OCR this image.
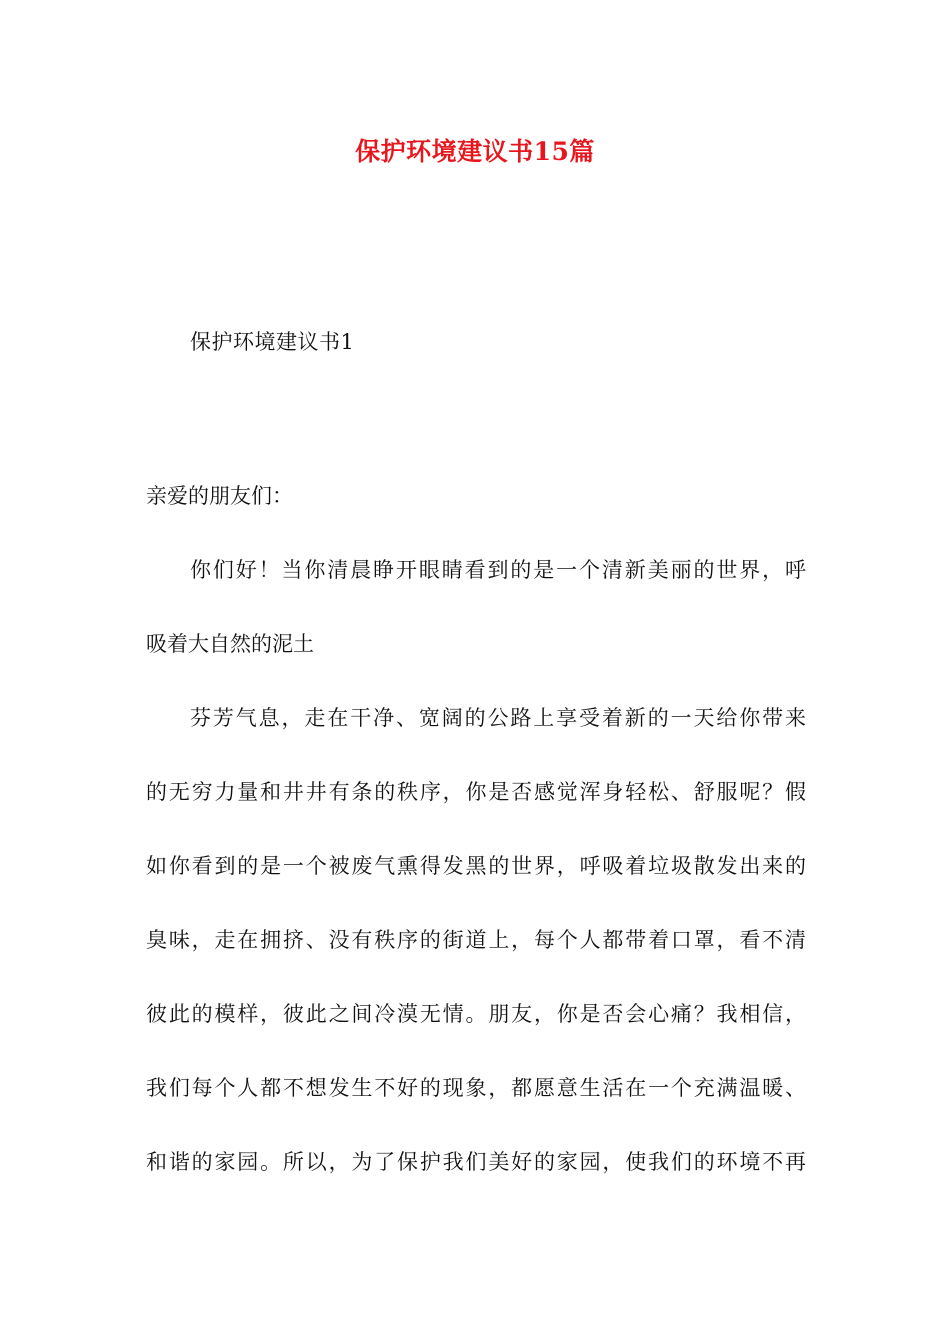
保护环境建议书15篇
保护环境建议书1
亲爱的朋友们：
你们好！当你清晨睁开眼睛看到的是一个清新美丽的世界，呼
吸着大自然的泥土
芬芳气息，走在干净、宽阔的公路上享受着新的一天给你带来
的无穷力量和井井有条的秩序，你是否感觉浑身轻松、舒服呢？假
如你看到的是一个被废气熏得发黑的世界，呼吸着垃圾散发出来的
臭味，走在拥挤、没有秩序的街道上，每个人都带着口罩，看不清
彼此的模样，彼此之间冷漠无情。朋友，你是否会心痛？我相信，
我们每个人都不想发生不好的现象，都愿意生活在一个充满温暖、
和谐的家园。所以，为了保护我们美好的家园，使我们的环境不再
